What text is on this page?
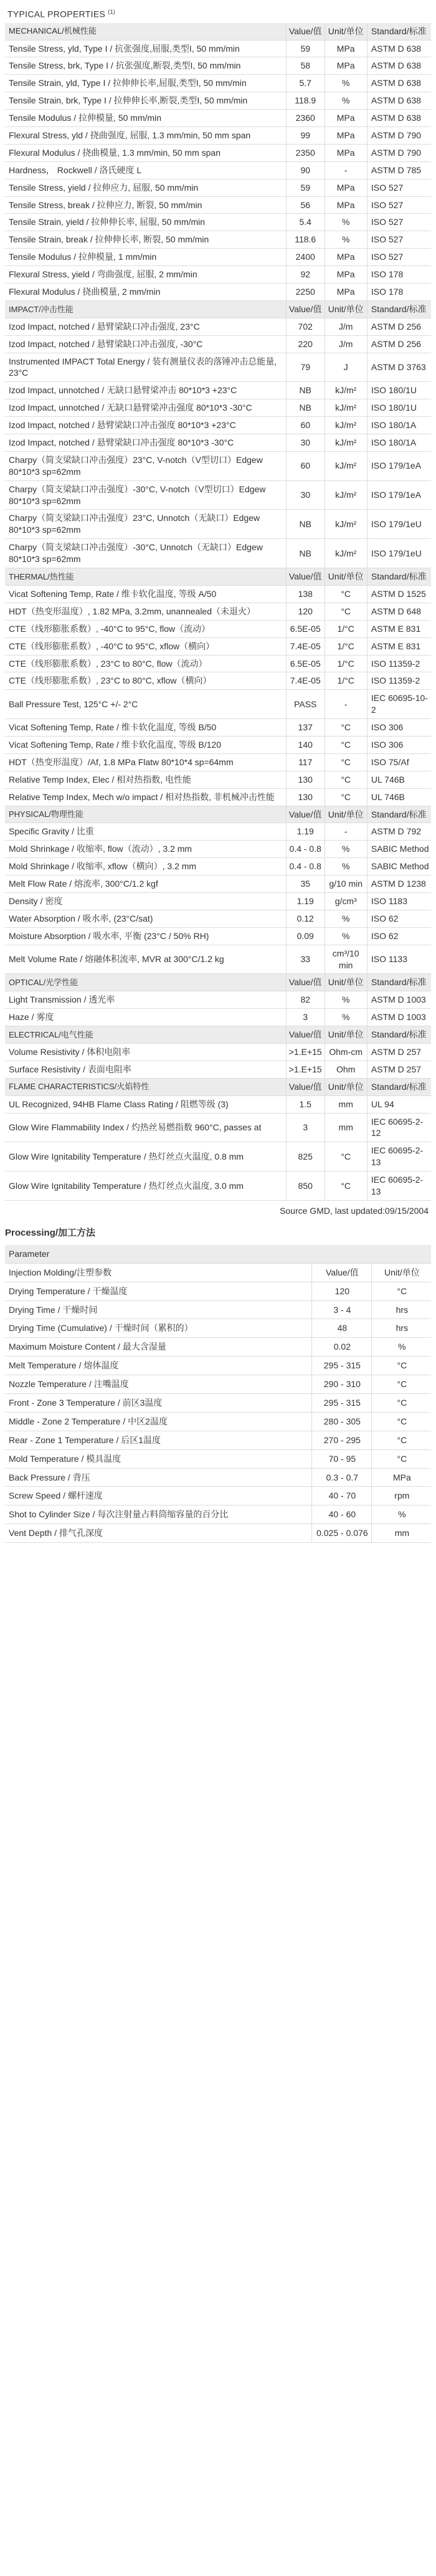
TYPICAL PROPERTIES $^{(1)}$
MECHANICAL/机械性能	Value/值	Unit/单位	Standard/标准
Tensile Stress, yld, Type I / 抗张强度,屈服,类型I, 50 mm/min	59	MPa	ASTM D 638
Tensile Stress, brk, Type I / 抗张强度,断裂,类型I, 50 mm/min	58	MPa	ASTM D 638
Tensile Strain, yld, Type I / 拉伸伸长率,屈服,类型I, 50 mm/min	5.7	%	ASTM D 638
Tensile Strain, brk, Type I / 拉伸伸长率,断裂,类型I, 50 mm/min	118.9	%	ASTM D 638
Tensile Modulus / 拉伸模量, 50 mm/min	2360	MPa	ASTM D 638
Flexural Stress, yld / 挠曲强度, 屈服, 1.3 mm/min, 50 mm span	99	MPa	ASTM D 790
Flexural Modulus / 挠曲模量, 1.3 mm/min, 50 mm span	2350	MPa	ASTM D 790
Hardness， Rockwell / 洛氏硬度 L	90	-	ASTM D 785
Tensile Stress, yield / 拉伸应力, 屈服, 50 mm/min	59	MPa	ISO 527
Tensile Stress, break / 拉伸应力, 断裂, 50 mm/min	56	MPa	ISO 527
Tensile Strain, yield / 拉伸伸长率, 屈服, 50 mm/min	5.4	%	ISO 527
Tensile Strain, break / 拉伸伸长率, 断裂, 50 mm/min	118.6	%	ISO 527
Tensile Modulus / 拉伸模量, 1 mm/min	2400	MPa	ISO 527
Flexural Stress, yield / 弯曲强度, 屈服, 2 mm/min	92	MPa	ISO 178
Flexural Modulus / 挠曲模量, 2 mm/min	2250	MPa	ISO 178
IMPACT/冲击性能	Value/值	Unit/单位	Standard/标准
Izod Impact, notched / 悬臂梁缺口冲击强度, 23°C	702	J/m	ASTM D 256
Izod Impact, notched / 悬臂梁缺口冲击强度, -30°C	220	J/m	ASTM D 256
Instrumented IMPACT Total Energy / 装有测量仪表的落锤冲击总能量, 23°C	79	J	ASTM D 3763
Izod Impact, unnotched / 无缺口悬臂梁冲击 80*10*3 +23°C	NB	kJ/m²	ISO 180/1U
Izod Impact, unnotched / 无缺口悬臂梁冲击强度 80*10*3 -30°C	NB	kJ/m²	ISO 180/1U
Izod Impact, notched / 悬臂梁缺口冲击强度 80*10*3 +23°C	60	kJ/m²	ISO 180/1A
Izod Impact, notched / 悬臂梁缺口冲击强度 80*10*3 -30°C	30	kJ/m²	ISO 180/1A
Charpy（简支梁缺口冲击强度）23°C, V-notch（V型切口）Edgew 80*10*3 sp=62mm	60	kJ/m²	ISO 179/1eA
Charpy（简支梁缺口冲击强度）-30°C, V-notch（V型切口）Edgew 80*10*3 sp=62mm	30	kJ/m²	ISO 179/1eA
Charpy（简支梁缺口冲击强度）23°C, Unnotch（无缺口）Edgew 80*10*3 sp=62mm	NB	kJ/m²	ISO 179/1eU
Charpy（简支梁缺口冲击强度）-30°C, Unnotch（无缺口）Edgew 80*10*3 sp=62mm	NB	kJ/m²	ISO 179/1eU
THERMAL/热性能	Value/值	Unit/单位	Standard/标准
Vicat Softening Temp, Rate / 维卡软化温度, 等级 A/50	138	°C	ASTM D 1525
HDT（热变形温度）, 1.82 MPa, 3.2mm, unannealed（未退火）	120	°C	ASTM D 648
CTE（线形膨胀系数）, -40°C to 95°C, flow（流动）	6.5E-05	1/°C	ASTM E 831
CTE（线形膨胀系数）, -40°C to 95°C, xflow（横向）	7.4E-05	1/°C	ASTM E 831
CTE（线形膨胀系数）, 23°C to 80°C, flow（流动）	6.5E-05	1/°C	ISO 11359-2
CTE（线形膨胀系数）, 23°C to 80°C, xflow（横向）	7.4E-05	1/°C	ISO 11359-2
Ball Pressure Test, 125°C +/- 2°C	PASS	-	IEC 60695-10-2
Vicat Softening Temp, Rate / 维卡软化温度, 等级 B/50	137	°C	ISO 306
Vicat Softening Temp, Rate / 维卡软化温度, 等级 B/120	140	°C	ISO 306
HDT（热变形温度）/Af, 1.8 MPa Flatw 80*10*4 sp=64mm	117	°C	ISO 75/Af
Relative Temp Index, Elec / 相对热指数, 电性能	130	°C	UL 746B
Relative Temp Index, Mech w/o impact / 相对热指数, 非机械冲击性能	130	°C	UL 746B
PHYSICAL/物理性能	Value/值	Unit/单位	Standard/标准
Specific Gravity / 比重	1.19	-	ASTM D 792
Mold Shrinkage / 收缩率, flow（流动）, 3.2 mm	0.4 - 0.8	%	SABIC Method
Mold Shrinkage / 收缩率, xflow（横向）, 3.2 mm	0.4 - 0.8	%	SABIC Method
Melt Flow Rate / 熔流率, 300°C/1.2 kgf	35	g/10 min	ASTM D 1238
Density / 密度	1.19	g/cm³	ISO 1183
Water Absorption / 吸水率, (23°C/sat)	0.12	%	ISO 62
Moisture Absorption / 吸水率, 平衡 (23°C / 50% RH)	0.09	%	ISO 62
Melt Volume Rate / 熔融体积流率, MVR at 300°C/1.2 kg	33	cm³/10 min	ISO 1133
OPTICAL/光学性能	Value/值	Unit/单位	Standard/标准
Light Transmission / 透光率	82	%	ASTM D 1003
Haze / 雾度	3	%	ASTM D 1003
ELECTRICAL/电气性能	Value/值	Unit/单位	Standard/标准
Volume Resistivity / 体积电阻率	>1.E+15	Ohm-cm	ASTM D 257
Surface Resistivity / 表面电阻率	>1.E+15	Ohm	ASTM D 257
FLAME CHARACTERISTICS/火焰特性	Value/值	Unit/单位	Standard/标准
UL Recognized, 94HB Flame Class Rating / 阻燃等级 (3)	1.5	mm	UL 94
Glow Wire Flammability Index / 灼热丝易燃指数 960°C, passes at	3	mm	IEC 60695-2-12
Glow Wire Ignitability Temperature / 热灯丝点火温度, 0.8 mm	825	°C	IEC 60695-2-13
Glow Wire Ignitability Temperature / 热灯丝点火温度, 3.0 mm	850	°C	IEC 60695-2-13
Source GMD, last updated:09/15/2004
Processing/加工方法
Parameter		
Injection Molding/注塑参数	Value/值	Unit/单位
Drying Temperature / 干燥温度	120	°C
Drying Time / 干燥时间	3 - 4	hrs
Drying Time (Cumulative) / 干燥时间（累积的）	48	hrs
Maximum Moisture Content / 最大含湿量	0.02	%
Melt Temperature / 熔体温度	295 - 315	°C
Nozzle Temperature / 注嘴温度	290 - 310	°C
Front - Zone 3 Temperature / 前区3温度	295 - 315	°C
Middle - Zone 2 Temperature / 中区2温度	280 - 305	°C
Rear - Zone 1 Temperature / 后区1温度	270 - 295	°C
Mold Temperature / 模具温度	70 - 95	°C
Back Pressure / 背压	0.3 - 0.7	MPa
Screw Speed / 螺杆速度	40 - 70	rpm
Shot to Cylinder Size / 每次注射量占料筒缩容量的百分比	40 - 60	%
Vent Depth / 排气孔深度	0.025 - 0.076	mm
